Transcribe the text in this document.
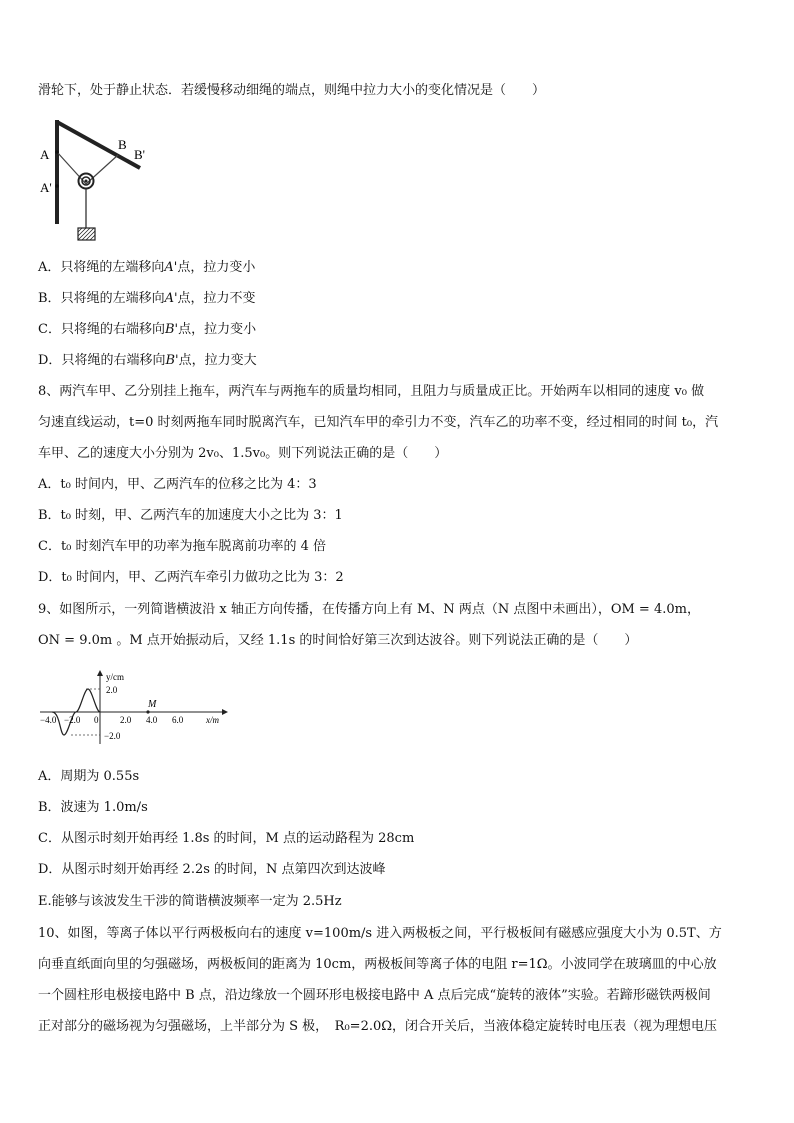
滑轮下，处于静止状态．若缓慢移动细绳的端点，则绳中拉力大小的变化情况是（　　）
A
A'
B
B'
A．只将绳的左端移向A'点，拉力变小
B．只将绳的左端移向A'点，拉力不变
C．只将绳的右端移向B'点，拉力变小
D．只将绳的右端移向B'点，拉力变大
8、两汽车甲、乙分别挂上拖车，两汽车与两拖车的质量均相同，且阻力与质量成正比。开始两车以相同的速度 v₀ 做
匀速直线运动，t=0 时刻两拖车同时脱离汽车，已知汽车甲的牵引力不变，汽车乙的功率不变，经过相同的时间 t₀，汽
车甲、乙的速度大小分别为 2v₀、1.5v₀。则下列说法正确的是（　　）
A．t₀ 时间内，甲、乙两汽车的位移之比为 4：3
B．t₀ 时刻，甲、乙两汽车的加速度大小之比为 3：1
C．t₀ 时刻汽车甲的功率为拖车脱离前功率的 4 倍
D．t₀ 时间内，甲、乙两汽车牵引力做功之比为 3：2
9、如图所示，一列简谐横波沿 x 轴正方向传播，在传播方向上有 M、N 两点（N 点图中未画出），OM = 4.0m，
ON = 9.0m 。M 点开始振动后，又经 1.1s 的时间恰好第三次到达波谷。则下列说法正确的是（　　）
y/cm
2.0
−2.0
M
−4.0 −2.0 0 2.0 4.0 6.0	x/m
A．周期为 0.55s
B．波速为 1.0m/s
C．从图示时刻开始再经 1.8s 的时间，M 点的运动路程为 28cm
D．从图示时刻开始再经 2.2s 的时间，N 点第四次到达波峰
E.能够与该波发生干涉的简谐横波频率一定为 2.5Hz
10、如图，等离子体以平行两极板向右的速度 v=100m/s 进入两极板之间，平行极板间有磁感应强度大小为 0.5T、方
向垂直纸面向里的匀强磁场，两极板间的距离为 10cm，两极板间等离子体的电阻 r=1Ω。小波同学在玻璃皿的中心放
一个圆柱形电极接电路中 B 点，沿边缘放一个圆环形电极接电路中 A 点后完成“旋转的液体”实验。若蹄形磁铁两极间
正对部分的磁场视为匀强磁场，上半部分为 S 极，　R₀=2.0Ω，闭合开关后，当液体稳定旋转时电压表（视为理想电压
